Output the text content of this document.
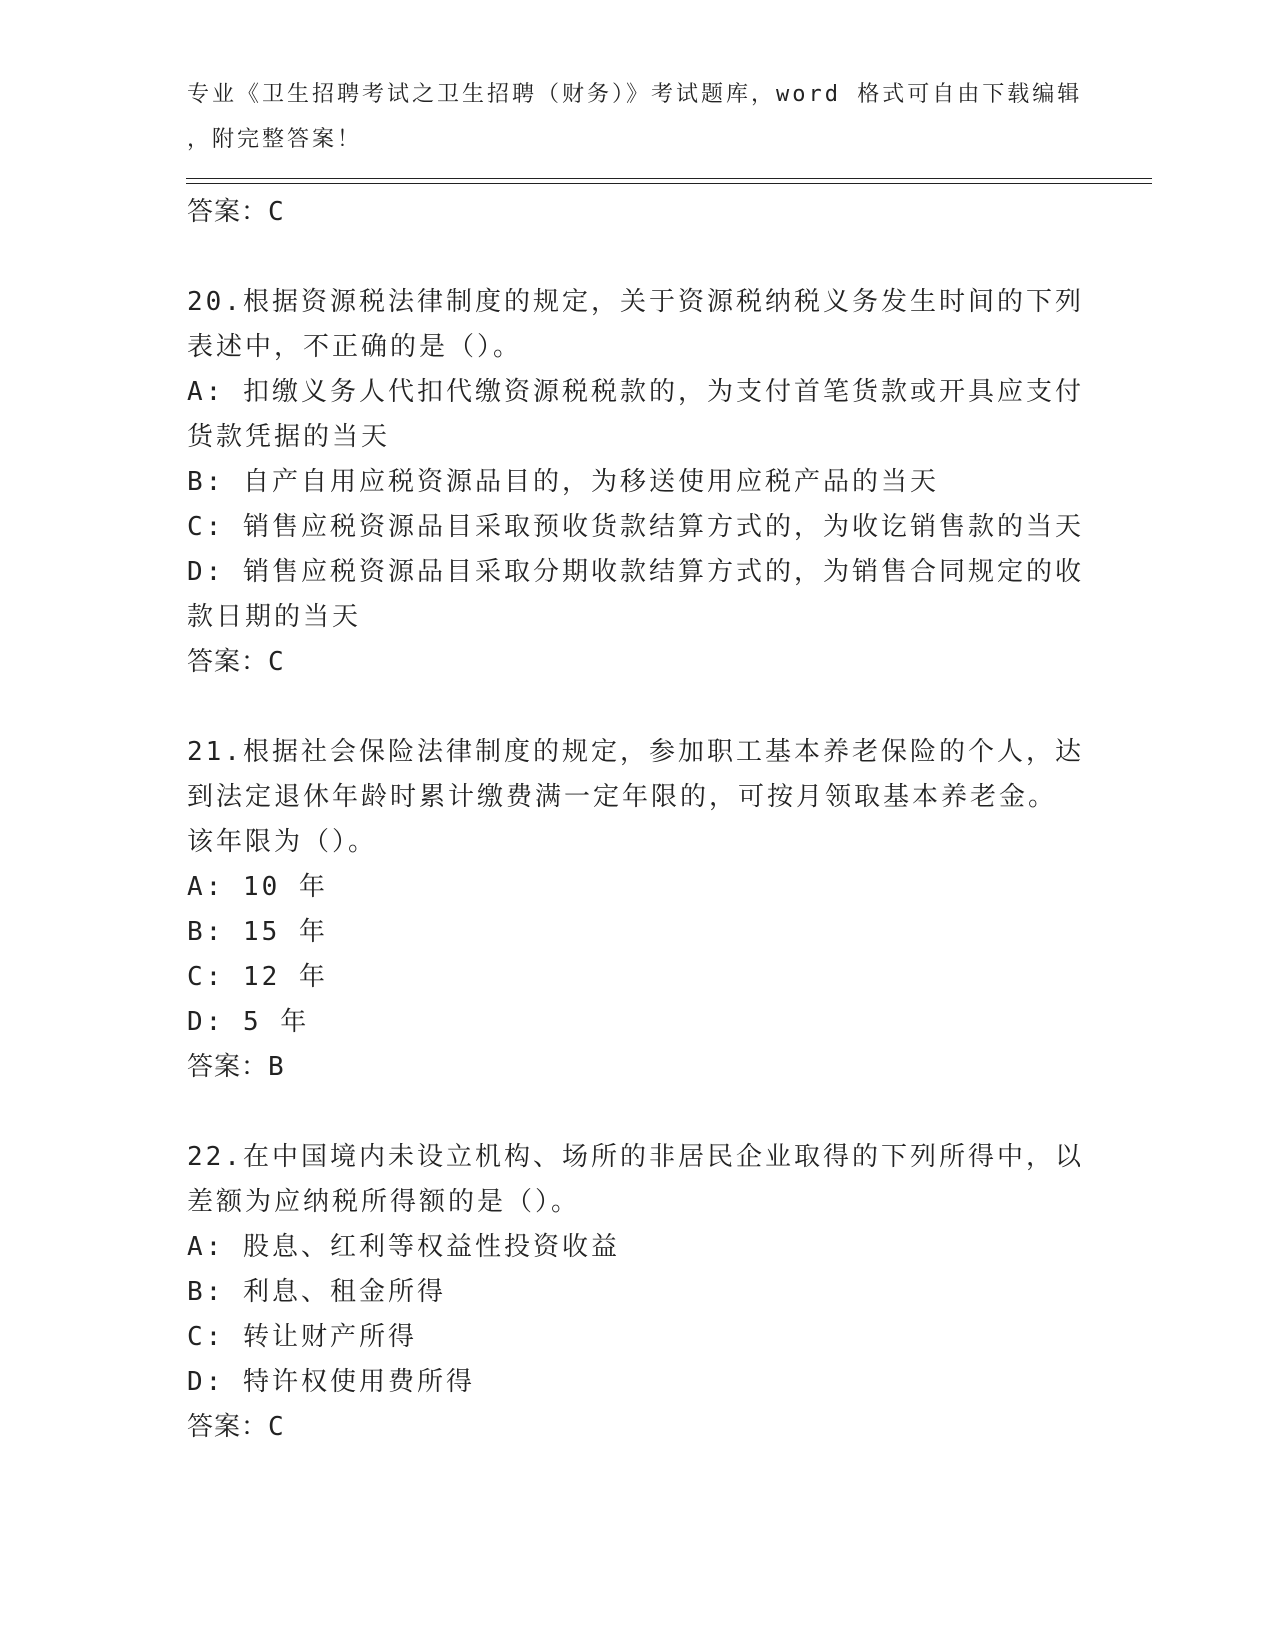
专业《卫生招聘考试之卫生招聘（财务）》考试题库，word 格式可自由下载编辑
，附完整答案！
答案：C
20.根据资源税法律制度的规定，关于资源税纳税义务发生时间的下列
表述中，不正确的是（）。
A: 扣缴义务人代扣代缴资源税税款的，为支付首笔货款或开具应支付
货款凭据的当天
B: 自产自用应税资源品目的，为移送使用应税产品的当天
C: 销售应税资源品目采取预收货款结算方式的，为收讫销售款的当天
D: 销售应税资源品目采取分期收款结算方式的，为销售合同规定的收
款日期的当天
答案：C
21.根据社会保险法律制度的规定，参加职工基本养老保险的个人，达
到法定退休年龄时累计缴费满一定年限的，可按月领取基本养老金。
该年限为（）。
A: 10 年
B: 15 年
C: 12 年
D: 5 年
答案：B
22.在中国境内未设立机构、场所的非居民企业取得的下列所得中，以
差额为应纳税所得额的是（）。
A: 股息、红利等权益性投资收益
B: 利息、租金所得
C: 转让财产所得
D: 特许权使用费所得
答案：C
